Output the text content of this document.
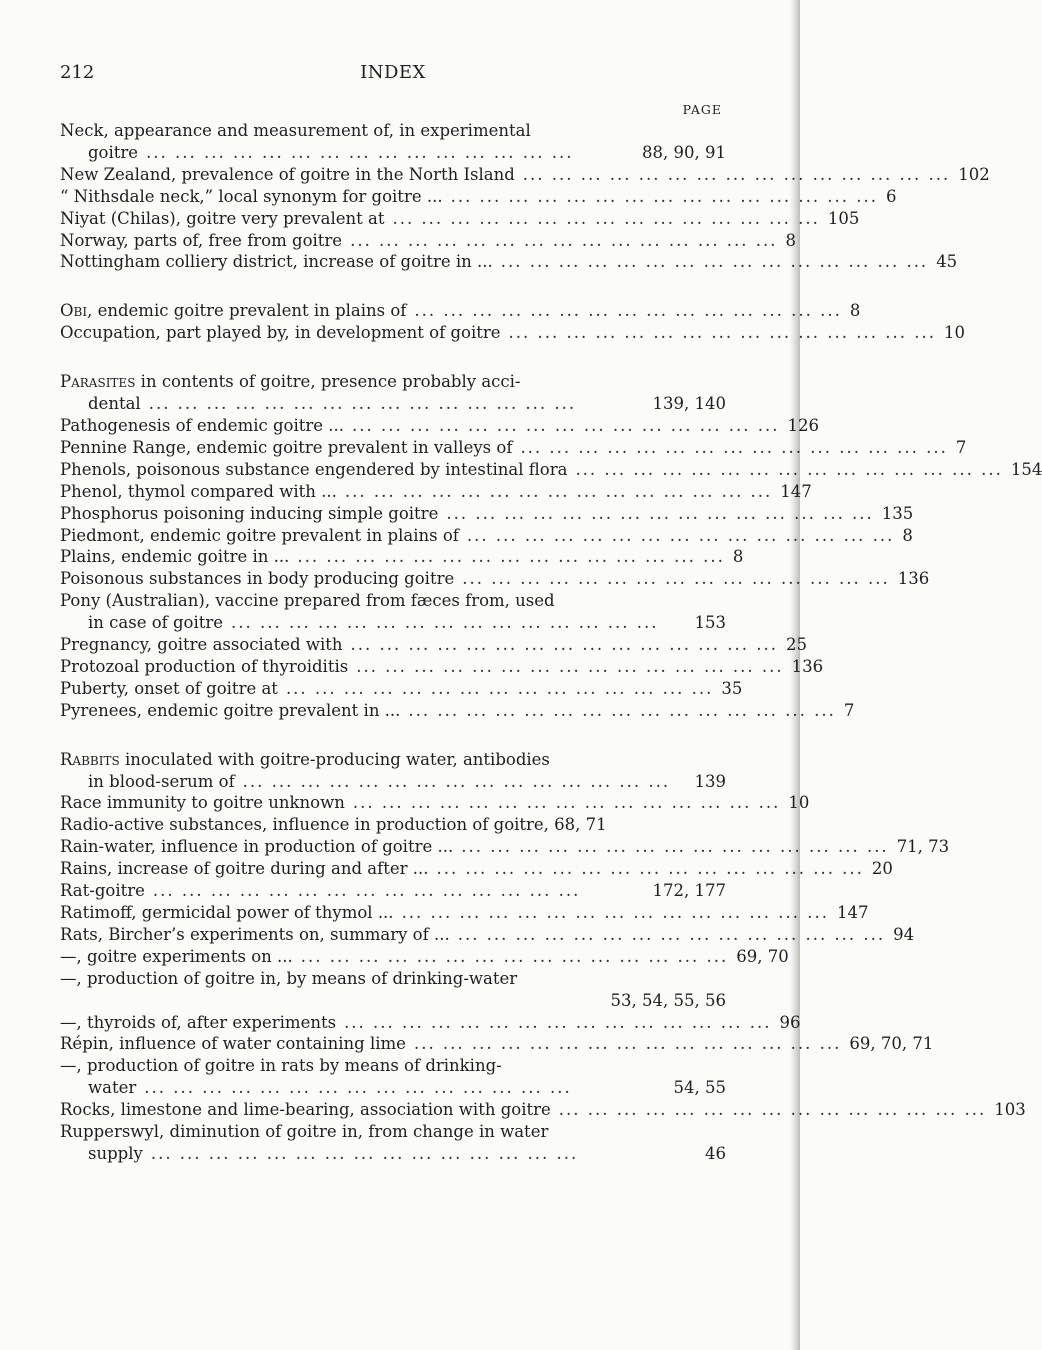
212	INDEX
PAGE
Neck, appearance and measurement of, in experimental
goitre ... ... ... ... ... ... ... ... ... ... ... ... ... ... ...	88, 90, 91
New Zealand, prevalence of goitre in the North Island ... ... ... ... ... ... ... ... ... ... ... ... ... ... ... 102
“ Nithsdale neck,” local synonym for goitre ... ... ... ... ... ... ... ... ... ... ... ... ... ... ... ... 6
Niyat (Chilas), goitre very prevalent at ... ... ... ... ... ... ... ... ... ... ... ... ... ... ... 105
Norway, parts of, free from goitre ... ... ... ... ... ... ... ... ... ... ... ... ... ... ... 8
Nottingham colliery district, increase of goitre in ... ... ... ... ... ... ... ... ... ... ... ... ... ... ... ... 45
Obi, endemic goitre prevalent in plains of ... ... ... ... ... ... ... ... ... ... ... ... ... ... ... 8
Occupation, part played by, in development of goitre ... ... ... ... ... ... ... ... ... ... ... ... ... ... ... 10
Parasites in contents of goitre, presence probably acci-
dental ... ... ... ... ... ... ... ... ... ... ... ... ... ... ...	139, 140
Pathogenesis of endemic goitre ... ... ... ... ... ... ... ... ... ... ... ... ... ... ... ... 126
Pennine Range, endemic goitre prevalent in valleys of ... ... ... ... ... ... ... ... ... ... ... ... ... ... ... 7
Phenols, poisonous substance engendered by intestinal flora ... ... ... ... ... ... ... ... ... ... ... ... ... ... ... 154
Phenol, thymol compared with ... ... ... ... ... ... ... ... ... ... ... ... ... ... ... ... 147
Phosphorus poisoning inducing simple goitre ... ... ... ... ... ... ... ... ... ... ... ... ... ... ... 135
Piedmont, endemic goitre prevalent in plains of ... ... ... ... ... ... ... ... ... ... ... ... ... ... ... 8
Plains, endemic goitre in ... ... ... ... ... ... ... ... ... ... ... ... ... ... ... ... 8
Poisonous substances in body producing goitre ... ... ... ... ... ... ... ... ... ... ... ... ... ... ... 136
Pony (Australian), vaccine prepared from fæces from, used
in case of goitre ... ... ... ... ... ... ... ... ... ... ... ... ... ... ...	153
Pregnancy, goitre associated with ... ... ... ... ... ... ... ... ... ... ... ... ... ... ... 25
Protozoal production of thyroiditis ... ... ... ... ... ... ... ... ... ... ... ... ... ... ... 136
Puberty, onset of goitre at ... ... ... ... ... ... ... ... ... ... ... ... ... ... ... 35
Pyrenees, endemic goitre prevalent in ... ... ... ... ... ... ... ... ... ... ... ... ... ... ... ... 7
Rabbits inoculated with goitre-producing water, antibodies
in blood-serum of ... ... ... ... ... ... ... ... ... ... ... ... ... ... ...	139
Race immunity to goitre unknown ... ... ... ... ... ... ... ... ... ... ... ... ... ... ... 10
Radio-active substances, influence in production of goitre, 68, 71
Rain-water, influence in production of goitre ... ... ... ... ... ... ... ... ... ... ... ... ... ... ... ... 71, 73
Rains, increase of goitre during and after ... ... ... ... ... ... ... ... ... ... ... ... ... ... ... ... 20
Rat-goitre ... ... ... ... ... ... ... ... ... ... ... ... ... ... ...	172, 177
Ratimoff, germicidal power of thymol ... ... ... ... ... ... ... ... ... ... ... ... ... ... ... ... 147
Rats, Bircher’s experiments on, summary of ... ... ... ... ... ... ... ... ... ... ... ... ... ... ... ... 94
—, goitre experiments on ... ... ... ... ... ... ... ... ... ... ... ... ... ... ... ... 69, 70
—, production of goitre in, by means of drinking-water
53, 54, 55, 56
—, thyroids of, after experiments ... ... ... ... ... ... ... ... ... ... ... ... ... ... ... 96
Répin, influence of water containing lime ... ... ... ... ... ... ... ... ... ... ... ... ... ... ... 69, 70, 71
—, production of goitre in rats by means of drinking-
water ... ... ... ... ... ... ... ... ... ... ... ... ... ... ...	54, 55
Rocks, limestone and lime-bearing, association with goitre ... ... ... ... ... ... ... ... ... ... ... ... ... ... ... 103
Rupperswyl, diminution of goitre in, from change in water
supply ... ... ... ... ... ... ... ... ... ... ... ... ... ... ...	46
